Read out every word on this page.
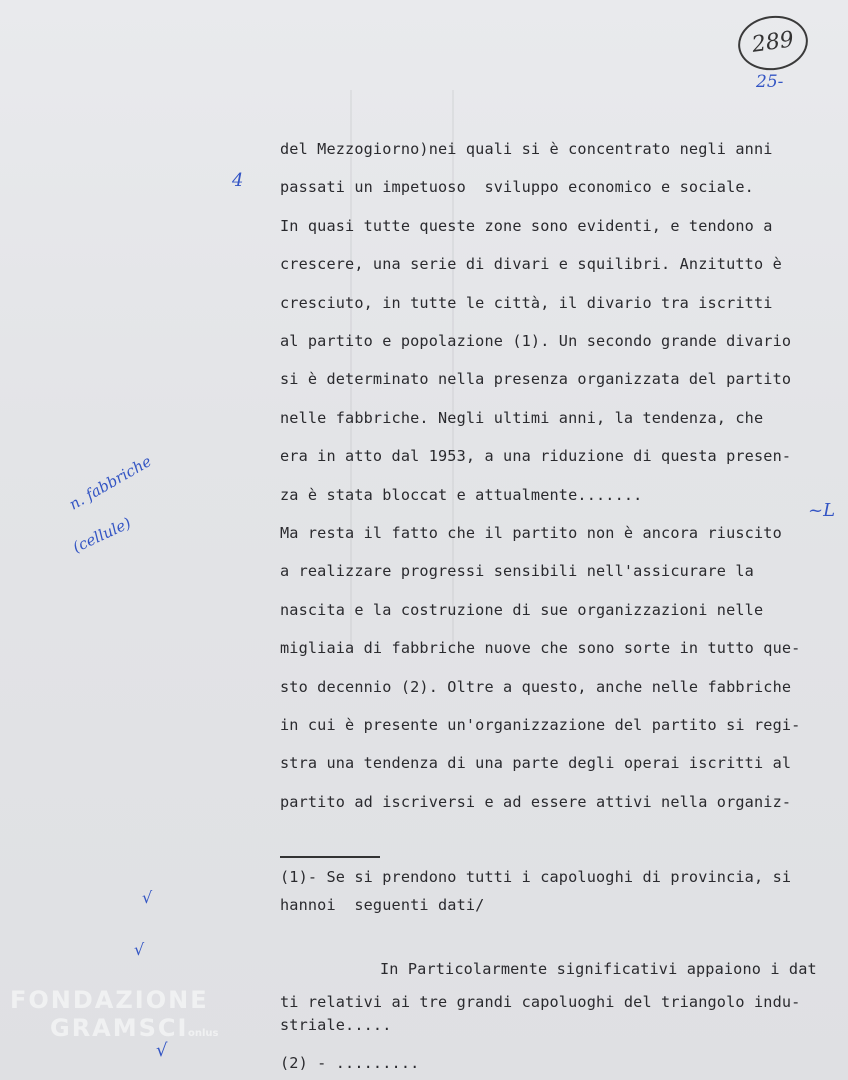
289
25-
4
n. fabbriche
(cellule)
~L
√
√
√
del Mezzogiorno)nei quali si è concentrato negli anni
passati un impetuoso  sviluppo economico e sociale.
In quasi tutte queste zone sono evidenti, e tendono a
crescere, una serie di divari e squilibri. Anzitutto è
cresciuto, in tutte le città, il divario tra iscritti
al partito e popolazione (1). Un secondo grande divario
si è determinato nella presenza organizzata del partito
nelle fabbriche. Negli ultimi anni, la tendenza, che
era in atto dal 1953, a una riduzione di questa presen-
za è stata bloccat e attualmente.......
Ma resta il fatto che il partito non è ancora riuscito
a realizzare progressi sensibili nell'assicurare la
nascita e la costruzione di sue organizzazioni nelle
migliaia di fabbriche nuove che sono sorte in tutto que-
sto decennio (2). Oltre a questo, anche nelle fabbriche
in cui è presente un'organizzazione del partito si regi-
stra una tendenza di una parte degli operai iscritti al
partito ad iscriversi e ad essere attivi nella organiz-
(1)- Se si prendono tutti i capoluoghi di provincia, si
hannoi  seguenti dati/
In Particolarmente significativi appaiono i dat
ti relativi ai tre grandi capoluoghi del triangolo indu-
striale.....
(2) - .........
FONDAZIONE
GRAMSCI onlus
